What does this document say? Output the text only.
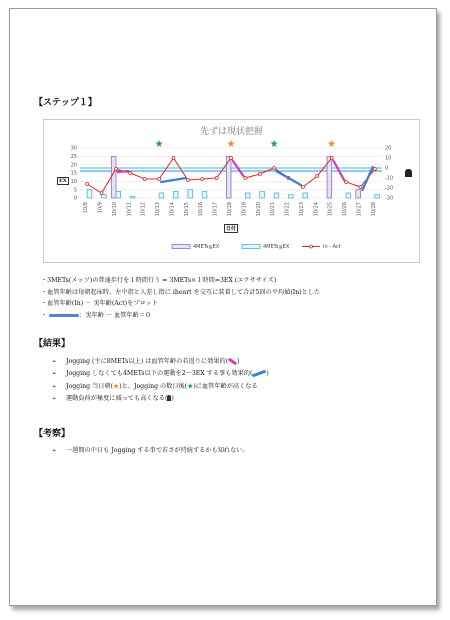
【ステップ１】
先ずは現状把握
0
5
10
15
20
25
30
-30
-20
-10
0
10
20
10/8 10/9 10/10 10/11 10/12 10/13 10/14 10/15 10/16 10/17 10/18 10/19 10/20 10/21 10/22 10/23 10/24 10/25 10/26 10/27 10/28
★	★	★	★
4METs≧EX	4METs≦EX	In - Act
EX
日付
・3METs(メッツ)の普通歩行を１時間行う ⇒ 3METs×１時間=3EX (エクササイズ)
・血管年齢は毎朝起床時、左中指と人差し指に iheart を交互に装着して合計5回の平均値(In)とした
・血管年齢(In) － 実年齢(Act)をプロット
・	：実年齢 － 血管年齢＝０
【結果】
➢ Jogging (主に8METs以上) は血管年齢の若返りに効果的( )
➢ Jogging しなくても4METs以下の運動を2～3EX する事も効果的( )
➢ Jogging 当日朝(★)と、Jogging の数日後(★)に血管年齢が高くなる
➢ 運動負荷が極度に減っても高くなる( )
【考察】
➢ 一週間の中日も Jogging する事で若さが持続するかも知れない。
